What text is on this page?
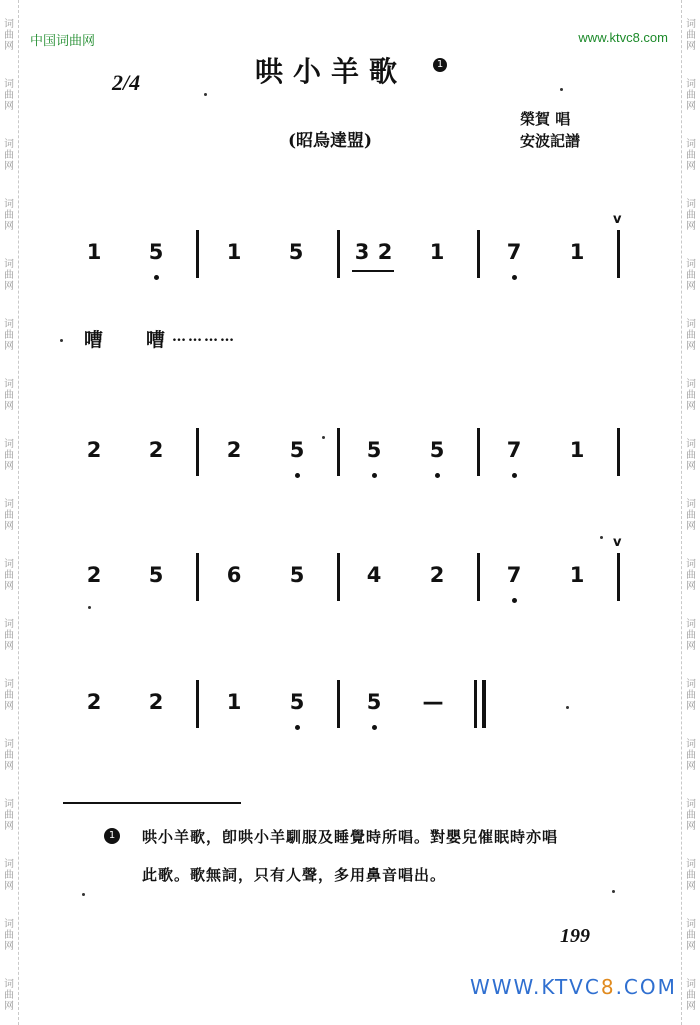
词
曲
网
词
曲
网
词
曲
网
词
曲
网
词
曲
网
词
曲
网
词
曲
网
词
曲
网
词
曲
网
词
曲
网
词
曲
网
词
曲
网
词
曲
网
词
曲
网
词
曲
网
词
曲
网
词
曲
网
词
曲
网
词
曲
网
词
曲
网
词
曲
网
词
曲
网
词
曲
网
词
曲
网
词
曲
网
词
曲
网
词
曲
网
词
曲
网
词
曲
网
词
曲
网
词
曲
网
词
曲
网
词
曲
网
词
曲
网
中国词曲网	www.ktvc8.com
哄小羊歌	1
2/4
(昭烏達盟)
榮賀 唱
安波記譜
1 5	1 5 3 2 1	7 1
v
嘈 嘈 …………
2 2	2 5	5 5	7 1
2 5	6 5	4 2	7 1
v
2 2	1 5	5 —
1	哄小羊歌，卽哄小羊馴服及睡覺時所唱。對嬰兒催眠時亦唱
此歌。歌無詞，只有人聲，多用鼻音唱出。
199
WWW.KTVC8.COM
